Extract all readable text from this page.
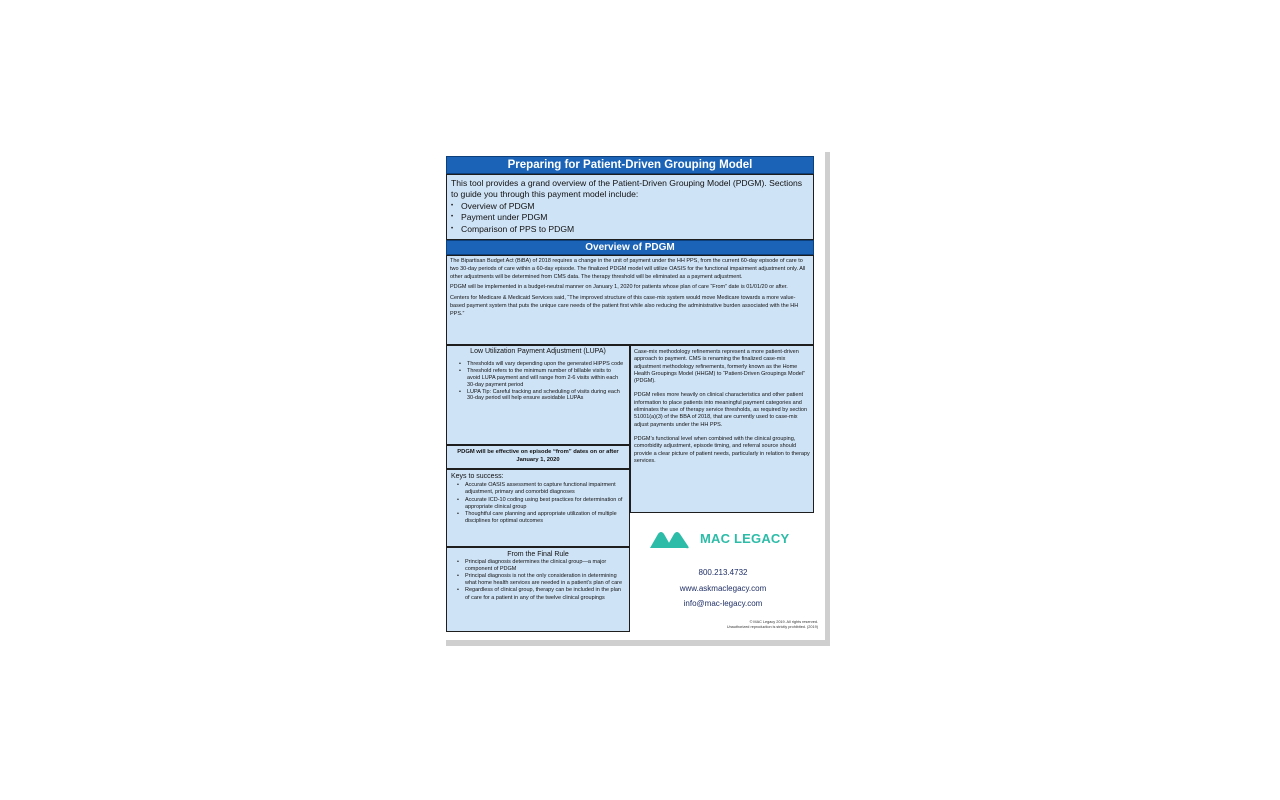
Preparing for Patient-Driven Grouping Model
This tool provides a grand overview of the Patient-Driven Grouping Model (PDGM). Sections to guide you through this payment model include:
• Overview of PDGM
• Payment under PDGM
• Comparison of PPS to PDGM
Overview of PDGM

The Bipartisan Budget Act (BiBA) of 2018 requires a change in the unit of payment under the HH PPS, from the current 60-day episode of care to two 30-day periods of care within a 60-day episode. The finalized PDGM model will utilize OASIS for the functional impairment adjustment only. All other adjustments will be determined from CMS data. The therapy threshold will be eliminated as a payment adjustment.

PDGM will be implemented in a budget-neutral manner on January 1, 2020 for patients whose plan of care “From” date is 01/01/20 or after.

Centers for Medicare & Medicaid Services said, “The improved structure of this case-mix system would move Medicare towards a more value-based payment system that puts the unique care needs of the patient first while also reducing the administrative burden associated with the HH PPS.”

Low Utilization Payment Adjustment (LUPA)
• Thresholds will vary depending upon the generated HIPPS code
• Threshold refers to the minimum number of billable visits to avoid LUPA payment and will range from 2-6 visits within each 30-day payment period
• LUPA Tip: Careful tracking and scheduling of visits during each 30-day period will help ensure avoidable LUPAs
PDGM will be effective on episode “from” dates on or after January 1, 2020
Keys to success:
• Accurate OASIS assessment to capture functional impairment adjustment, primary and comorbid diagnoses
• Accurate ICD-10 coding using best practices for determination of appropriate clinical group
• Thoughtful care planning and appropriate utilization of multiple disciplines for optimal outcomes
From the Final Rule
• Principal diagnosis determines the clinical group—a major component of PDGM
• Principal diagnosis is not the only consideration in determining what home health services are needed in a patient’s plan of care
• Regardless of clinical group, therapy can be included in the plan of care for a patient in any of the twelve clinical groupings

Case-mix methodology refinements represent a more patient-driven approach to payment. CMS is renaming the finalized case-mix adjustment methodology refinements, formerly known as the Home Health Groupings Model (HHGM) to “Patient-Driven Groupings Model” (PDGM).

PDGM relies more heavily on clinical characteristics and other patient information to place patients into meaningful payment categories and eliminates the use of therapy service thresholds, as required by section 51001(a)(3) of the BBA of 2018, that are currently used to case-mix adjust payments under the HH PPS.

PDGM’s functional level when combined with the clinical grouping, comorbidity adjustment, episode timing, and referral source should provide a clear picture of patient needs, particularly in relation to therapy services.

MAC LEGACY
800.213.4732
www.askmaclegacy.com
info@mac-legacy.com
© MAC Legacy 2019. All rights reserved.
Unauthorized reproduction is strictly prohibited. (2019)
